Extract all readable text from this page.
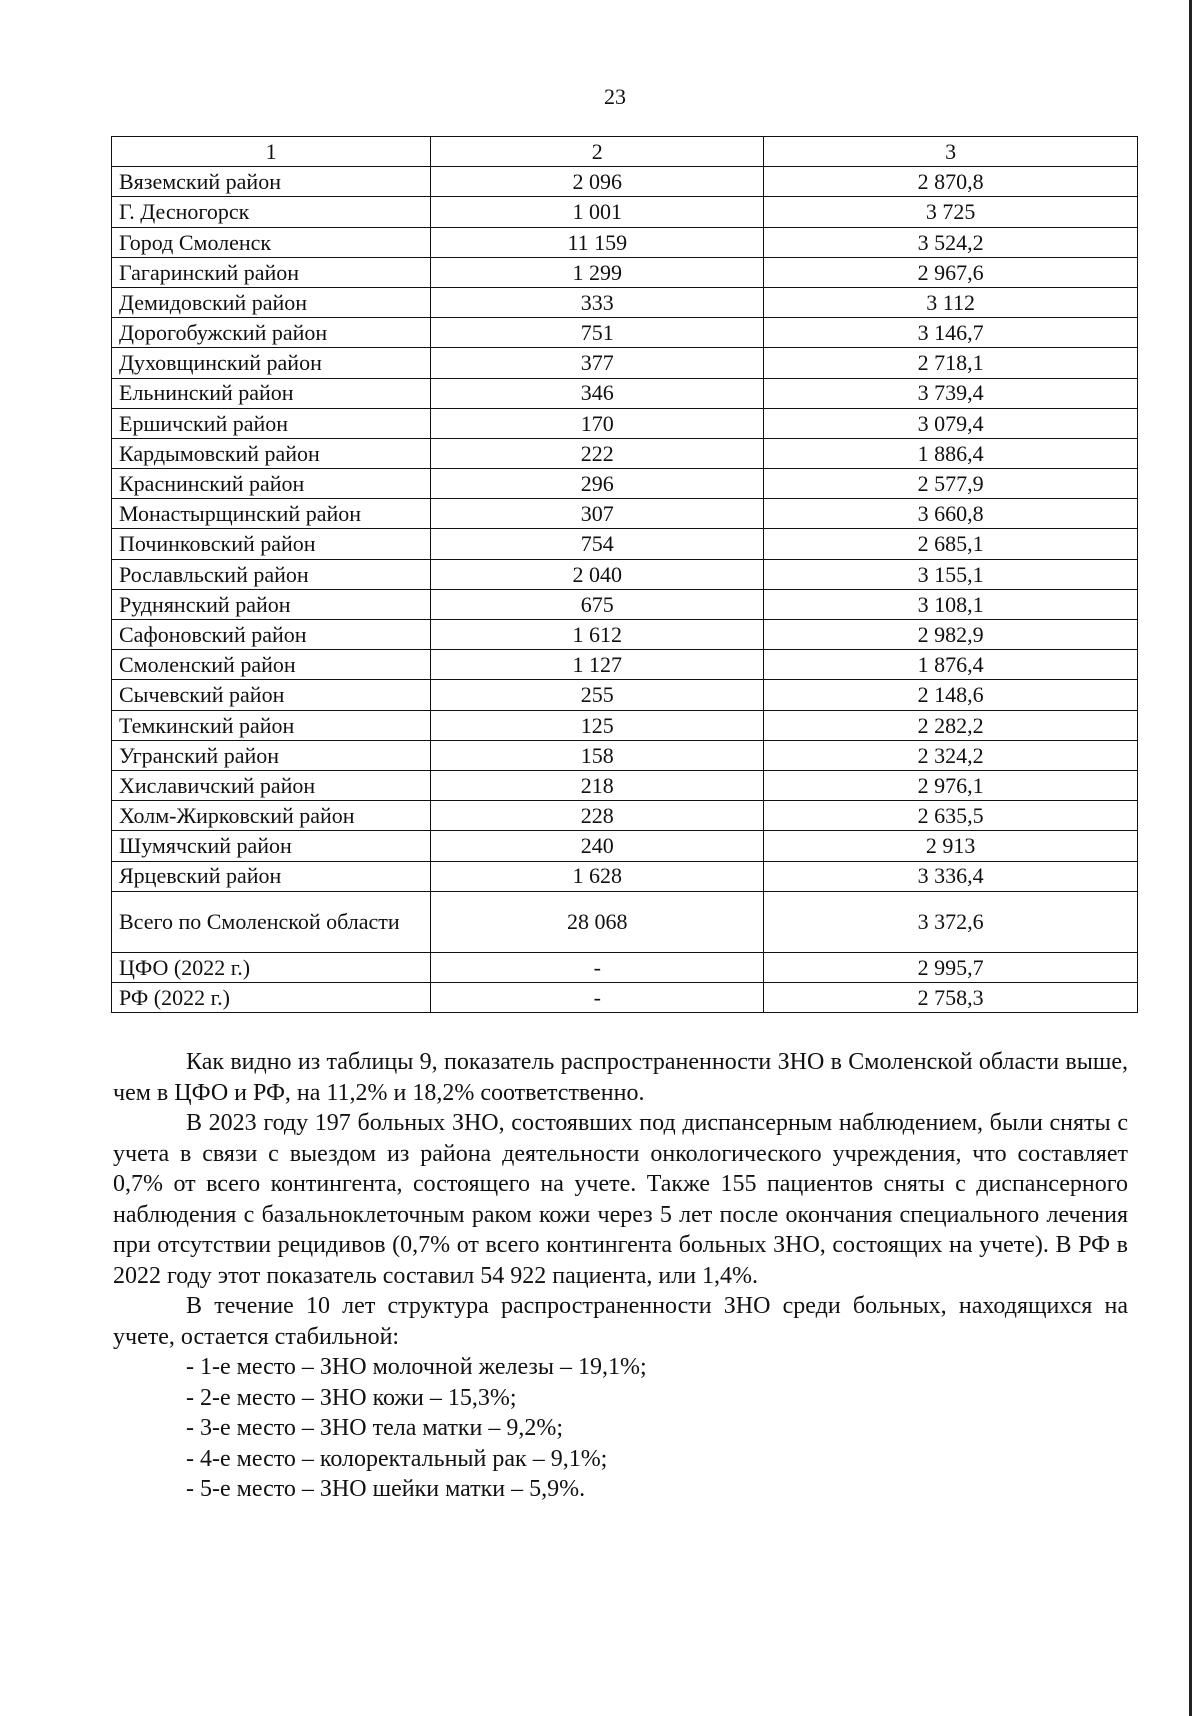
23
1	2	3
Вяземский район	2 096	2 870,8
Г. Десногорск	1 001	3 725
Город Смоленск	11 159	3 524,2
Гагаринский район	1 299	2 967,6
Демидовский район	333	3 112
Дорогобужский район	751	3 146,7
Духовщинский район	377	2 718,1
Ельнинский район	346	3 739,4
Ершичский район	170	3 079,4
Кардымовский район	222	1 886,4
Краснинский район	296	2 577,9
Монастырщинский район	307	3 660,8
Починковский район	754	2 685,1
Рославльский район	2 040	3 155,1
Руднянский район	675	3 108,1
Сафоновский район	1 612	2 982,9
Смоленский район	1 127	1 876,4
Сычевский район	255	2 148,6
Темкинский район	125	2 282,2
Угранский район	158	2 324,2
Хиславичский район	218	2 976,1
Холм-Жирковский район	228	2 635,5
Шумячский район	240	2 913
Ярцевский район	1 628	3 336,4
Всего по Смоленской области	28 068	3 372,6
ЦФО (2022 г.)	-	2 995,7
РФ (2022 г.)	-	2 758,3

Как видно из таблицы 9, показатель распространенности ЗНО в Смоленской области выше, чем в ЦФО и РФ, на 11,2% и 18,2% соответственно.

В 2023 году 197 больных ЗНО, состоявших под диспансерным наблюдением, были сняты с учета в связи с выездом из района деятельности онкологического учреждения, что составляет 0,7% от всего контингента, состоящего на учете. Также 155 пациентов сняты с диспансерного наблюдения с базальноклеточным раком кожи через 5 лет после окончания специального лечения при отсутствии рецидивов (0,7% от всего контингента больных ЗНО, состоящих на учете). В РФ в 2022 году этот показатель составил 54 922 пациента, или 1,4%.

В течение 10 лет структура распространенности ЗНО среди больных, находящихся на учете, остается стабильной:

- 1-е место – ЗНО молочной железы – 19,1%;
- 2-е место – ЗНО кожи – 15,3%;
- 3-е место – ЗНО тела матки – 9,2%;
- 4-е место – колоректальный рак – 9,1%;
- 5-е место – ЗНО шейки матки – 5,9%.
